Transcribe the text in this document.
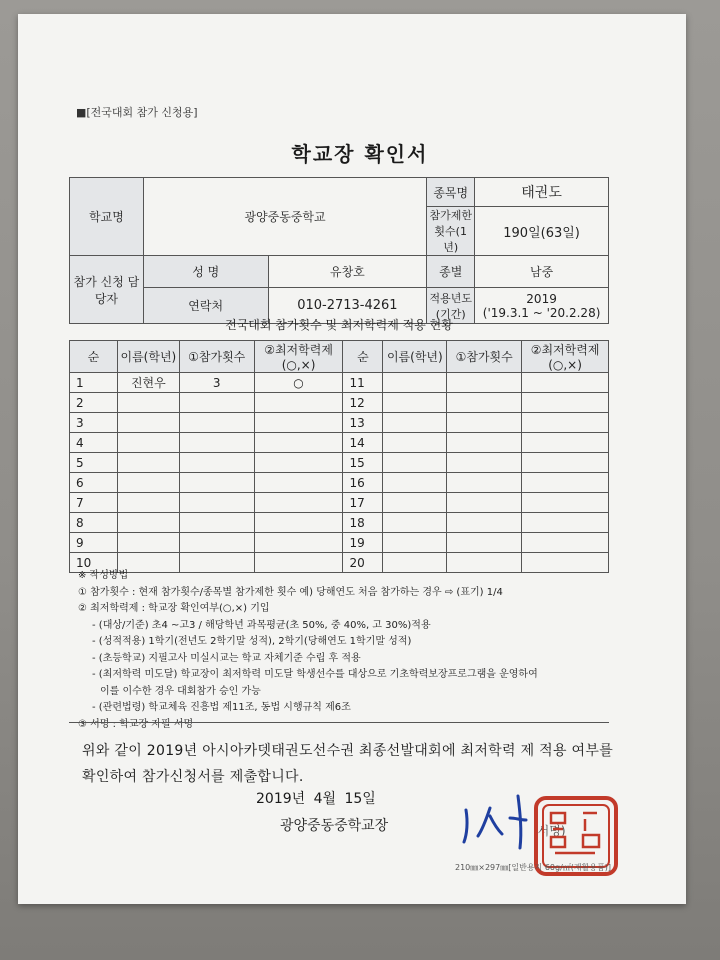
■[전국대회 참가 신청용]
학교장 확인서
학교명	광양중동중학교		종목명	태권도
			참가제한 횟수(1년)	190일(63일)
참가 신청 담당자	성 명	유창호	종별	남중
	연락처	010-2713-4261	적용년도 (기간)	2019
('19.3.1 ~ '20.2.28)
전국대회 참가횟수 및 최저학력제 적용 현황
순	이름(학년)	①참가횟수	②최저학력제 (○,×)	순	이름(학년)	①참가횟수	②최저학력제 (○,×)
1	진현우	3	○	11			
2				12			
3				13			
4				14			
5				15			
6				16			
7				17			
8				18			
9				19			
10				20			
※ 작성방법
① 참가횟수 : 현재 참가횟수/종목별 참가제한 횟수 예) 당해연도 처음 참가하는 경우 ⇨ (표기) 1/4
② 최저학력제 : 학교장 확인여부(○,×) 기입
- (대상/기준) 초4 ~고3 / 해당학년 과목평균(초 50%, 중 40%, 고 30%)적용
- (성적적용) 1학기(전년도 2학기말 성적), 2학기(당해연도 1학기말 성적)
- (초등학교) 지필고사 미실시교는 학교 자체기준 수립 후 적용
- (최저학력 미도달) 학교장이 최저학력 미도달 학생선수를 대상으로 기초학력보장프로그램을 운영하여
이를 이수한 경우 대회참가 승인 가능
- (관련법령) 학교체육 진흥법 제11조, 동법 시행규칙 제6조
③ 서명 : 학교장 자필 서명
위와 같이 2019년 아시아카뎃태권도선수권 최종선발대회에 최저학력 제 적용 여부를 확인하여 참가신청서를 제출합니다.
2019년 4월 15일
광양중동중학교장	(서명)
210㎜×297㎜[일반용지 60g/㎡(재활용품)]
